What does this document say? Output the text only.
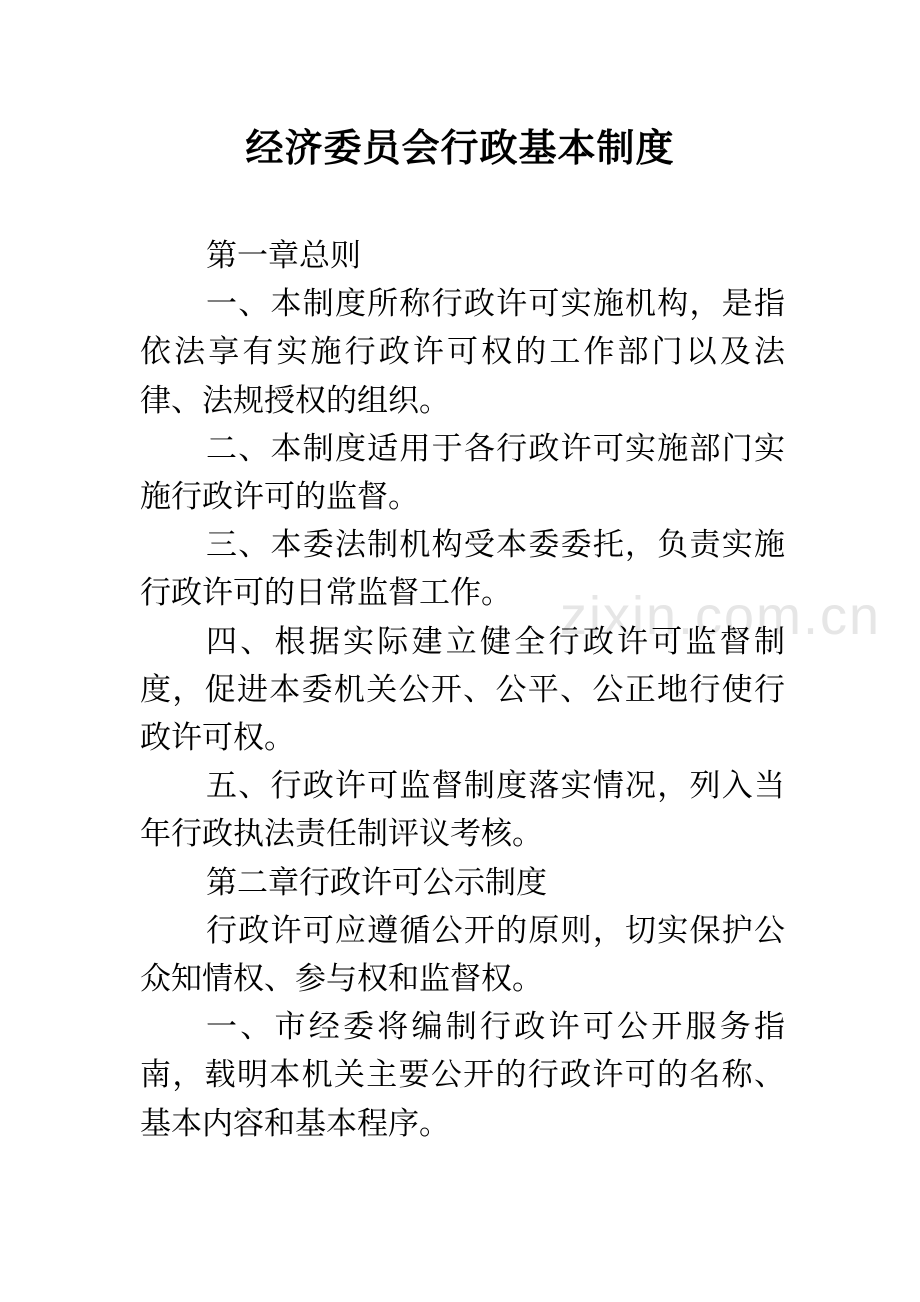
zixin.com.cn
经济委员会行政基本制度

第一章总则

一、本制度所称行政许可实施机构，是指依法享有实施行政许可权的工作部门以及法律、法规授权的组织。

二、本制度适用于各行政许可实施部门实施行政许可的监督。

三、本委法制机构受本委委托，负责实施行政许可的日常监督工作。

四、根据实际建立健全行政许可监督制度，促进本委机关公开、公平、公正地行使行政许可权。

五、行政许可监督制度落实情况，列入当年行政执法责任制评议考核。

第二章行政许可公示制度

行政许可应遵循公开的原则，切实保护公众知情权、参与权和监督权。

一、市经委将编制行政许可公开服务指南，载明本机关主要公开的行政许可的名称、基本内容和基本程序。
